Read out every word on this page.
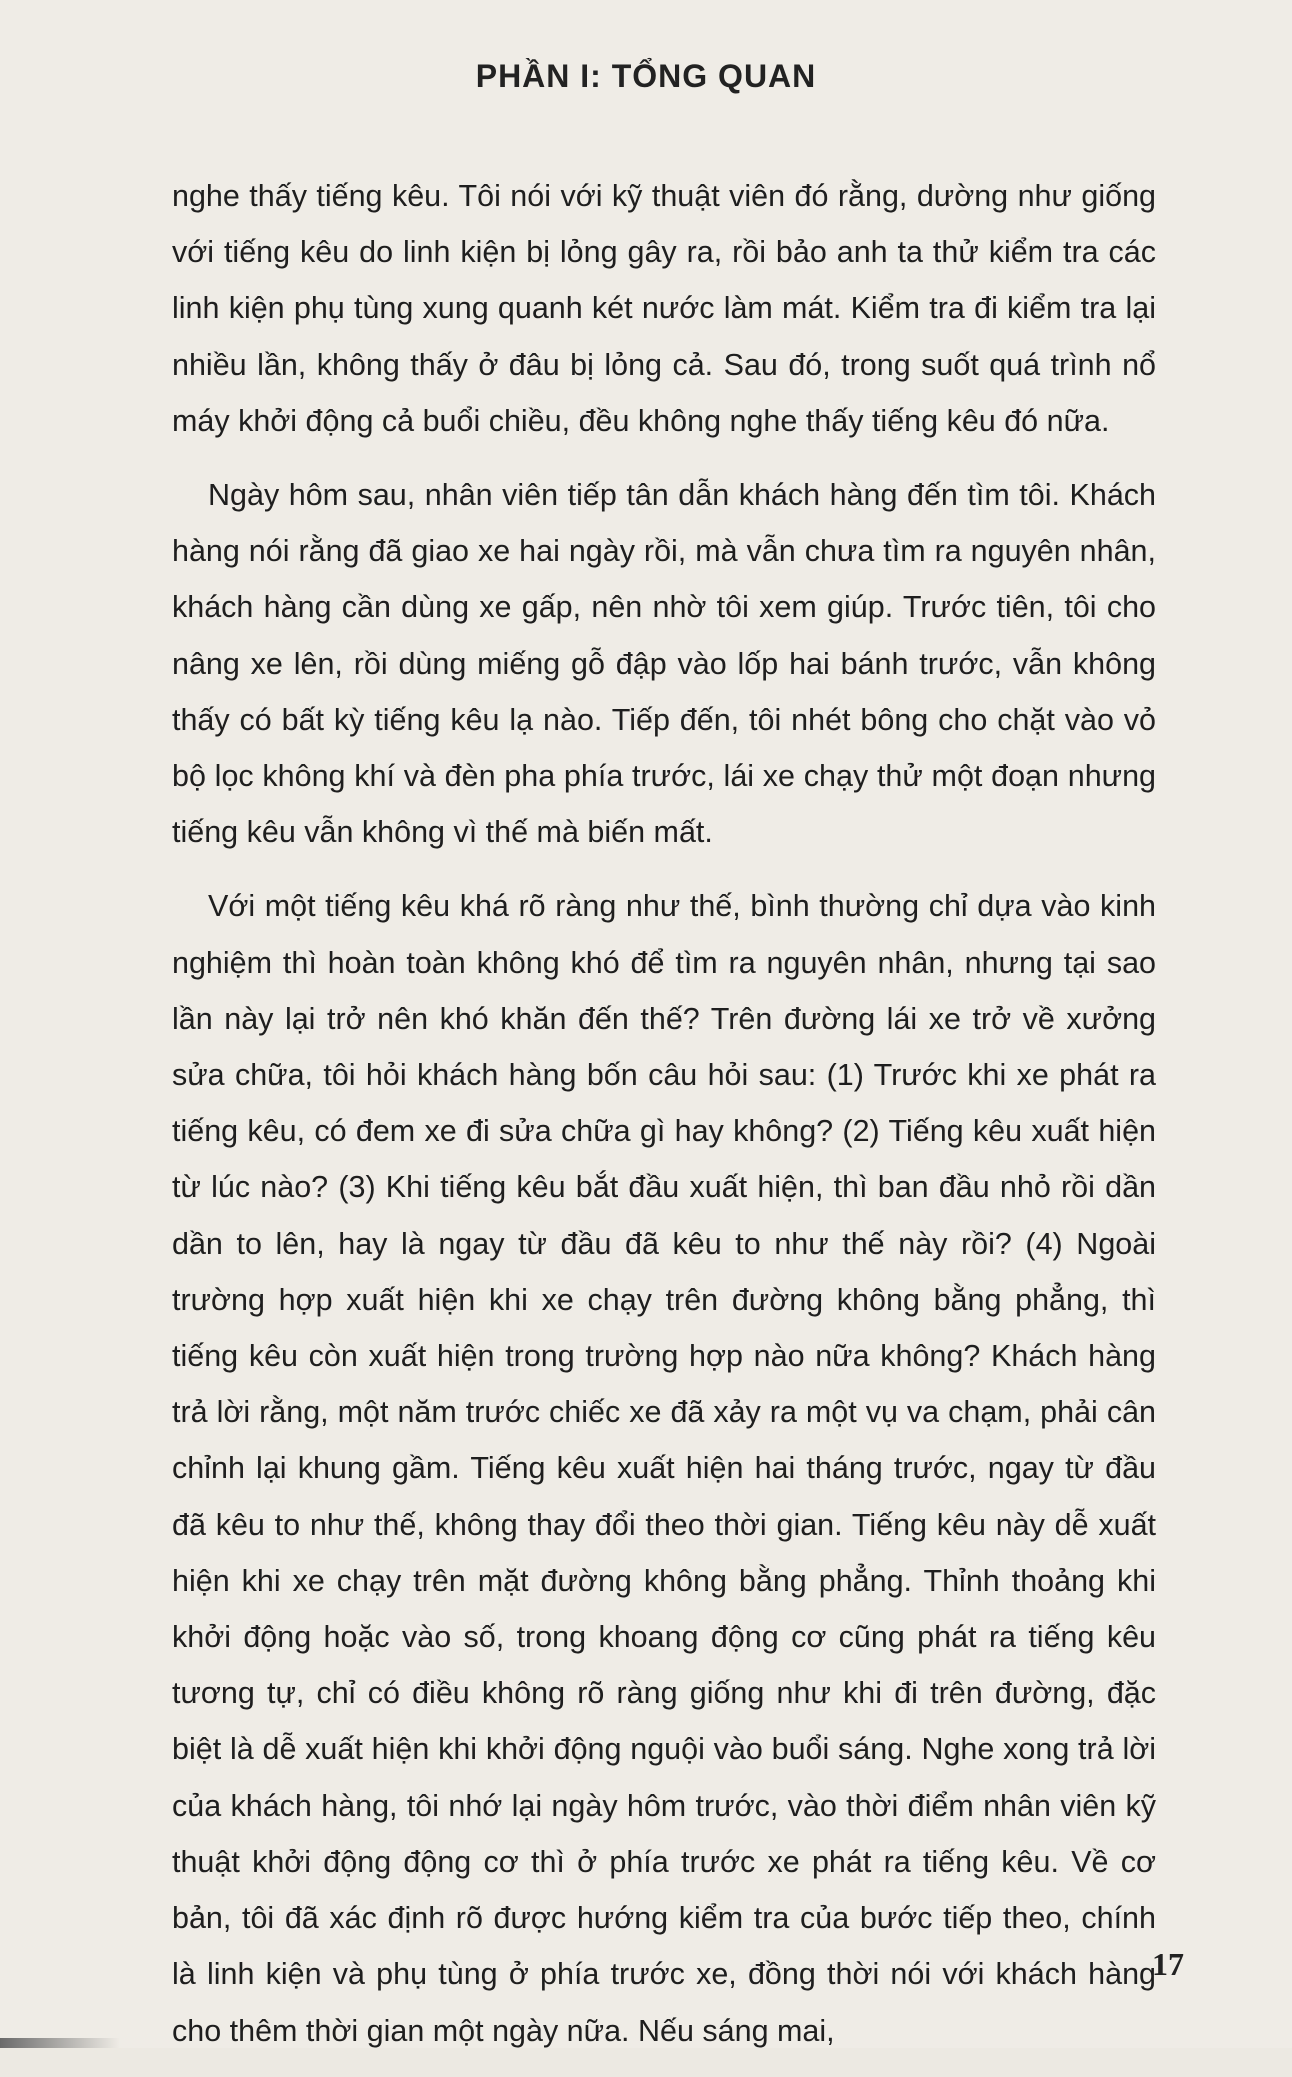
PHẦN I: TỔNG QUAN

nghe thấy tiếng kêu. Tôi nói với kỹ thuật viên đó rằng, dường như giống với tiếng kêu do linh kiện bị lỏng gây ra, rồi bảo anh ta thử kiểm tra các linh kiện phụ tùng xung quanh két nước làm mát. Kiểm tra đi kiểm tra lại nhiều lần, không thấy ở đâu bị lỏng cả. Sau đó, trong suốt quá trình nổ máy khởi động cả buổi chiều, đều không nghe thấy tiếng kêu đó nữa.

Ngày hôm sau, nhân viên tiếp tân dẫn khách hàng đến tìm tôi. Khách hàng nói rằng đã giao xe hai ngày rồi, mà vẫn chưa tìm ra nguyên nhân, khách hàng cần dùng xe gấp, nên nhờ tôi xem giúp. Trước tiên, tôi cho nâng xe lên, rồi dùng miếng gỗ đập vào lốp hai bánh trước, vẫn không thấy có bất kỳ tiếng kêu lạ nào. Tiếp đến, tôi nhét bông cho chặt vào vỏ bộ lọc không khí và đèn pha phía trước, lái xe chạy thử một đoạn nhưng tiếng kêu vẫn không vì thế mà biến mất.

Với một tiếng kêu khá rõ ràng như thế, bình thường chỉ dựa vào kinh nghiệm thì hoàn toàn không khó để tìm ra nguyên nhân, nhưng tại sao lần này lại trở nên khó khăn đến thế? Trên đường lái xe trở về xưởng sửa chữa, tôi hỏi khách hàng bốn câu hỏi sau: (1) Trước khi xe phát ra tiếng kêu, có đem xe đi sửa chữa gì hay không? (2) Tiếng kêu xuất hiện từ lúc nào? (3) Khi tiếng kêu bắt đầu xuất hiện, thì ban đầu nhỏ rồi dần dần to lên, hay là ngay từ đầu đã kêu to như thế này rồi? (4) Ngoài trường hợp xuất hiện khi xe chạy trên đường không bằng phẳng, thì tiếng kêu còn xuất hiện trong trường hợp nào nữa không? Khách hàng trả lời rằng, một năm trước chiếc xe đã xảy ra một vụ va chạm, phải cân chỉnh lại khung gầm. Tiếng kêu xuất hiện hai tháng trước, ngay từ đầu đã kêu to như thế, không thay đổi theo thời gian. Tiếng kêu này dễ xuất hiện khi xe chạy trên mặt đường không bằng phẳng. Thỉnh thoảng khi khởi động hoặc vào số, trong khoang động cơ cũng phát ra tiếng kêu tương tự, chỉ có điều không rõ ràng giống như khi đi trên đường, đặc biệt là dễ xuất hiện khi khởi động nguội vào buổi sáng. Nghe xong trả lời của khách hàng, tôi nhớ lại ngày hôm trước, vào thời điểm nhân viên kỹ thuật khởi động động cơ thì ở phía trước xe phát ra tiếng kêu. Về cơ bản, tôi đã xác định rõ được hướng kiểm tra của bước tiếp theo, chính là linh kiện và phụ tùng ở phía trước xe, đồng thời nói với khách hàng cho thêm thời gian một ngày nữa. Nếu sáng mai,

17
